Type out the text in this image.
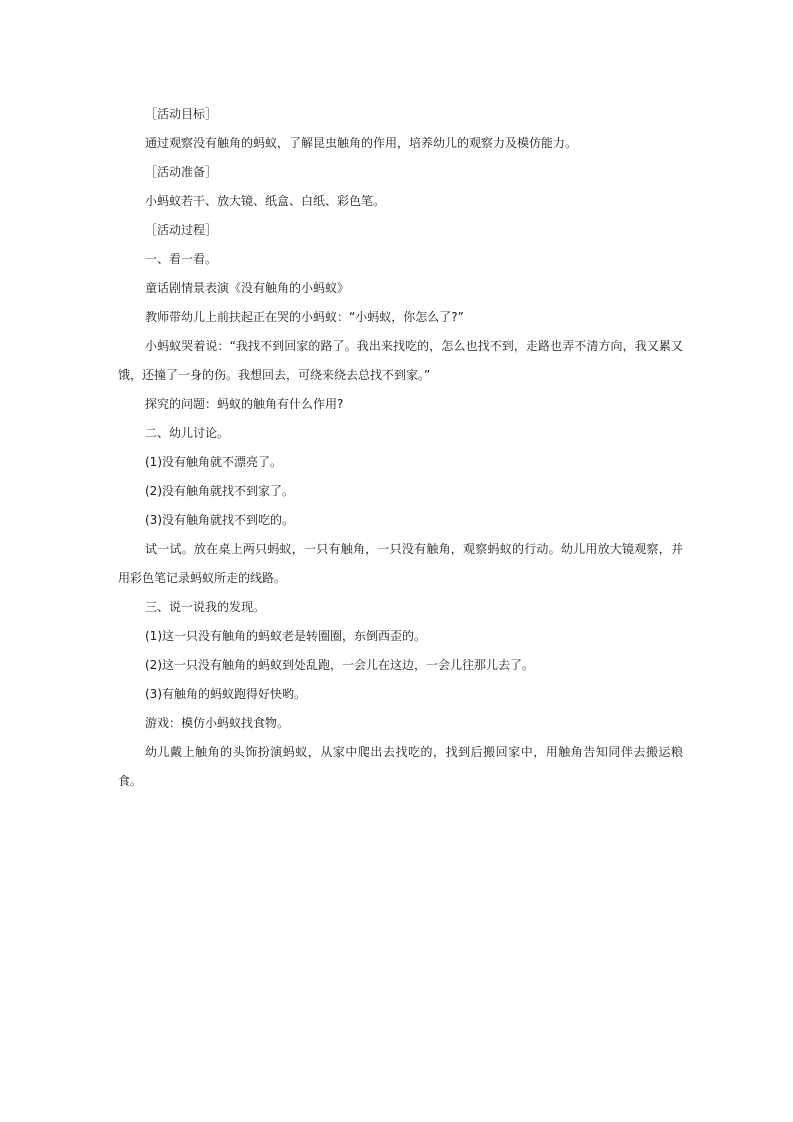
［活动目标］

通过观察没有触角的蚂蚁，了解昆虫触角的作用，培养幼儿的观察力及模仿能力。

［活动准备］

小蚂蚁若干、放大镜、纸盒、白纸、彩色笔。

［活动过程］

一、看一看。

童话剧情景表演《没有触角的小蚂蚁》

教师带幼儿上前扶起正在哭的小蚂蚁：“小蚂蚁，你怎么了?”

小蚂蚁哭着说：“我找不到回家的路了。我出来找吃的，怎么也找不到，走路也弄不清方向，我又累又饿，还撞了一身的伤。我想回去，可绕来绕去总找不到家。”

探究的问题：蚂蚁的触角有什么作用?

二、幼儿讨论。

(1)没有触角就不漂亮了。

(2)没有触角就找不到家了。

(3)没有触角就找不到吃的。

试一试。放在桌上两只蚂蚁，一只有触角，一只没有触角，观察蚂蚁的行动。幼儿用放大镜观察，并用彩色笔记录蚂蚁所走的线路。

三、说一说我的发现。

(1)这一只没有触角的蚂蚁老是转圈圈，东倒西歪的。

(2)这一只没有触角的蚂蚁到处乱跑，一会儿在这边，一会儿往那儿去了。

(3)有触角的蚂蚁跑得好快哟。

游戏：模仿小蚂蚁找食物。

幼儿戴上触角的头饰扮演蚂蚁，从家中爬出去找吃的，找到后搬回家中，用触角告知同伴去搬运粮食。
